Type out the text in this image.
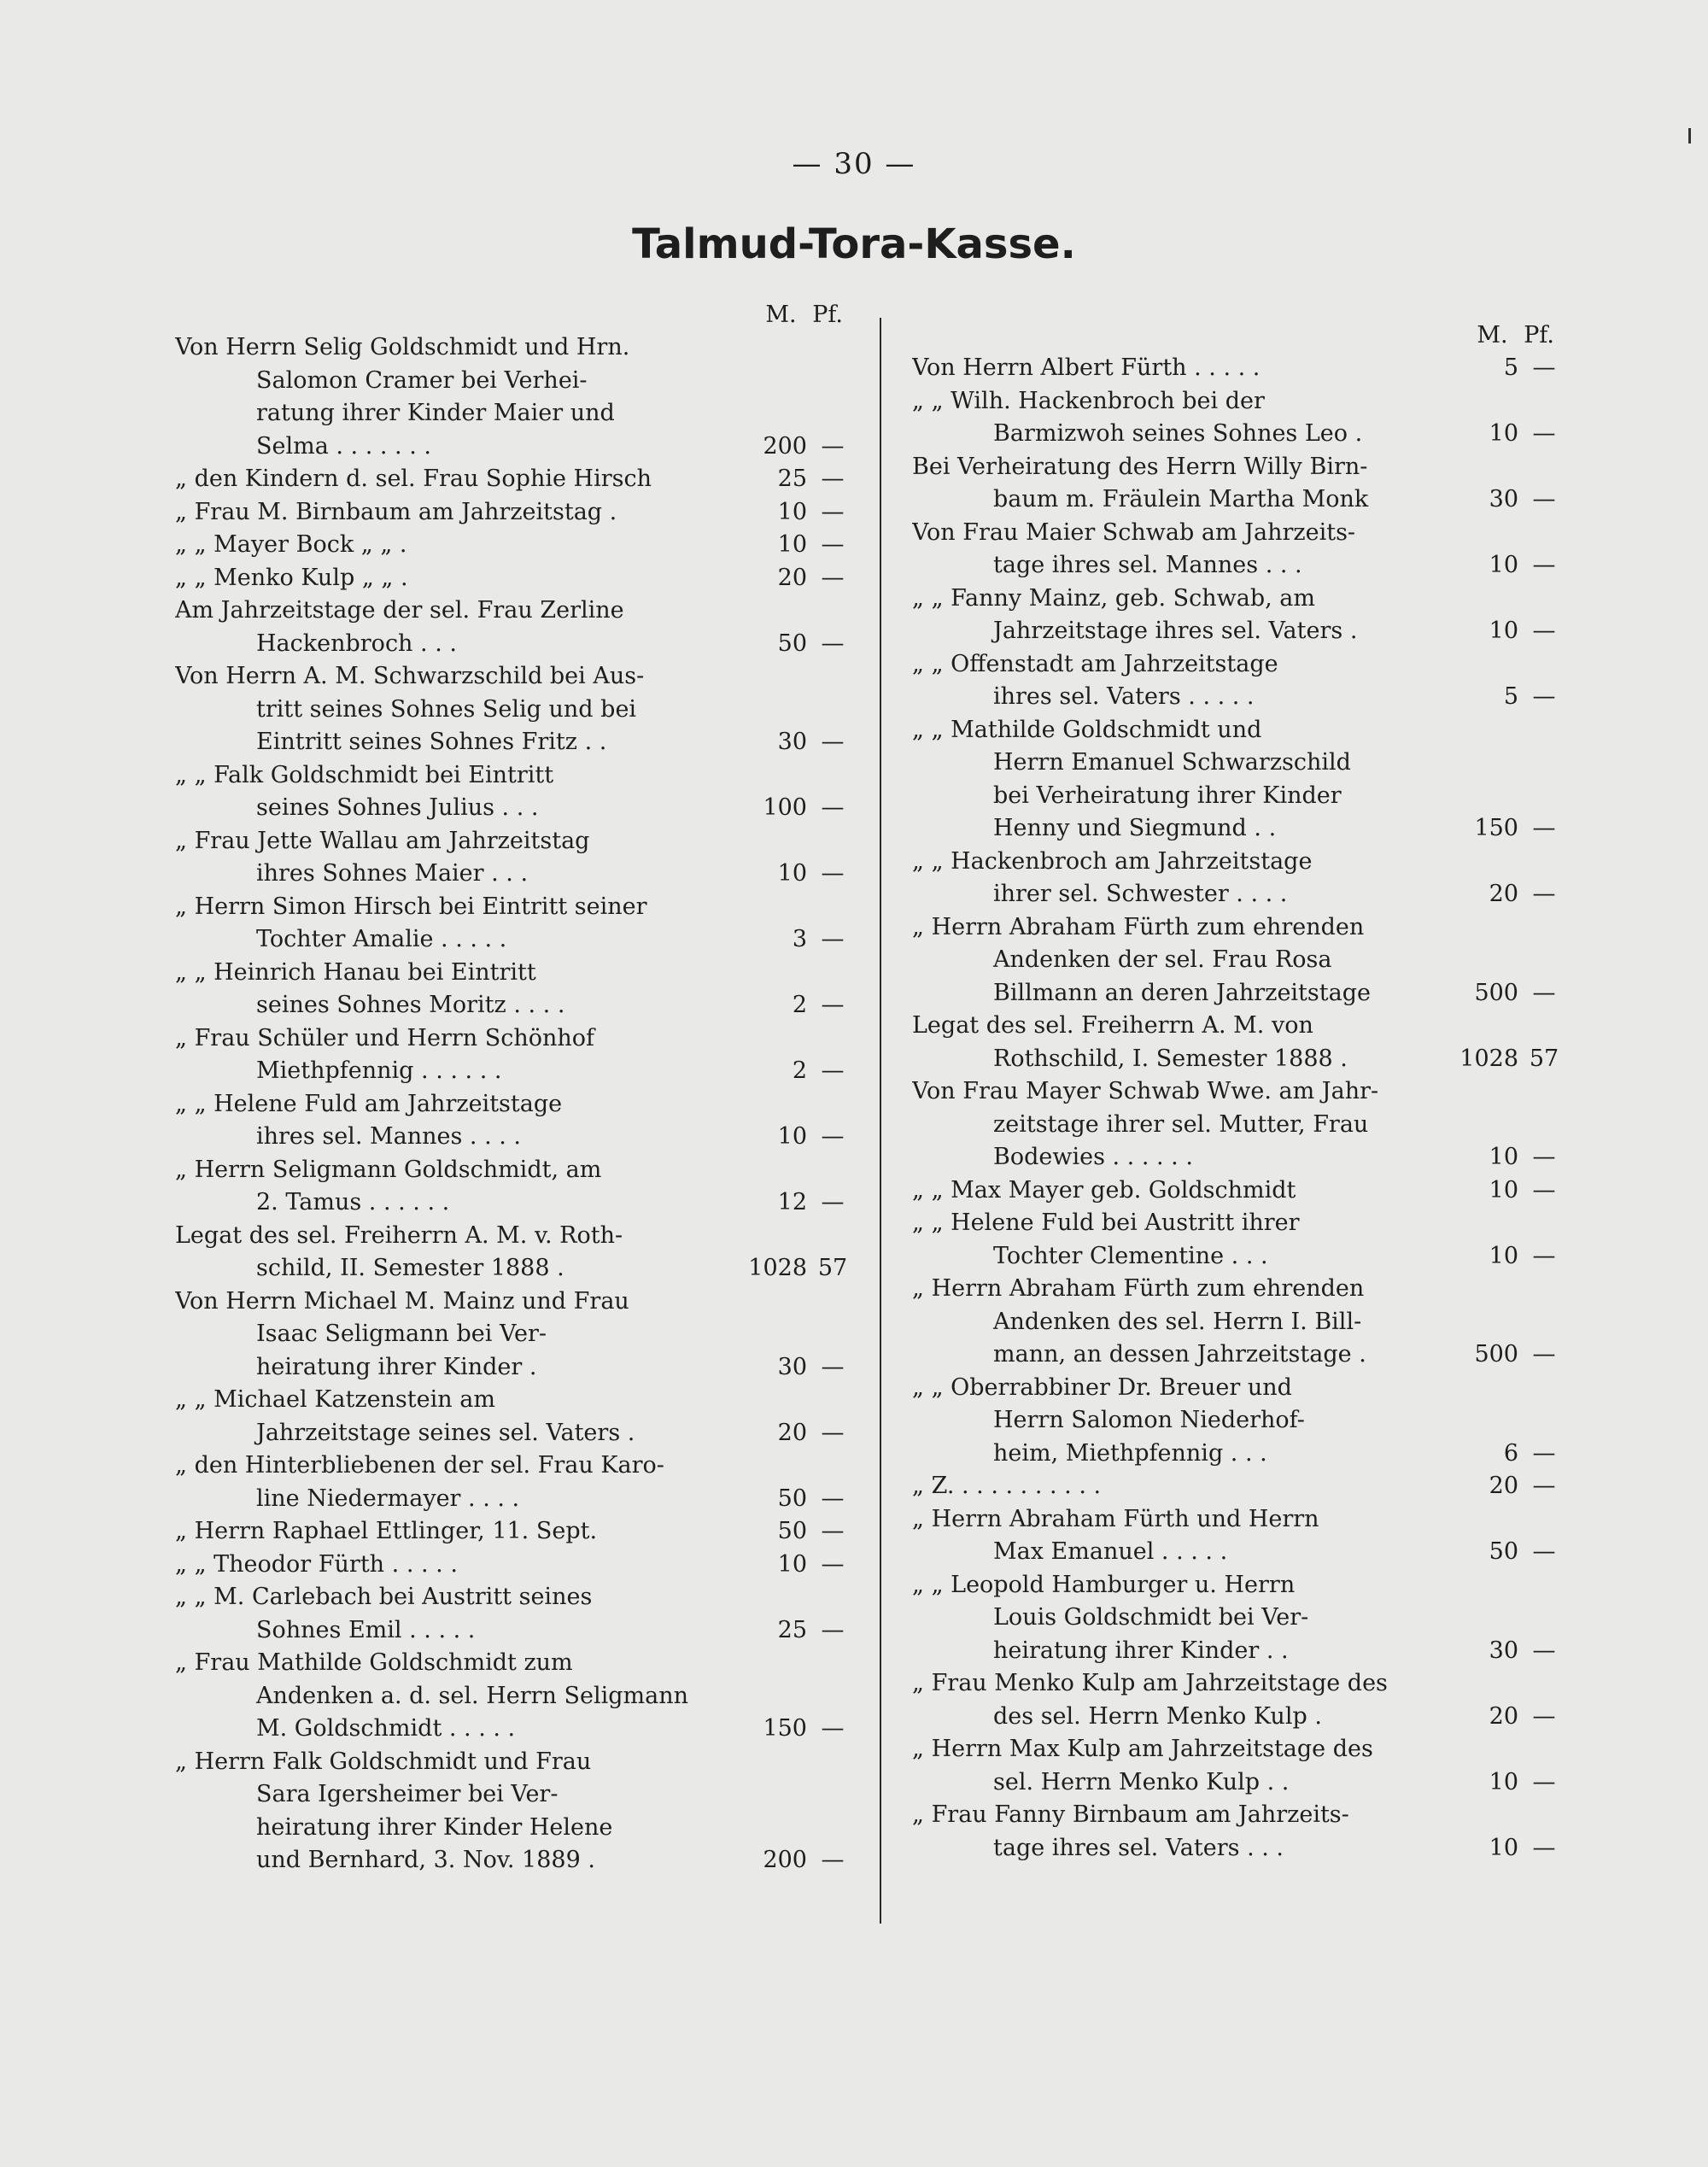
— 30 —
Talmud-Tora-Kasse.
M. Pf.
Von Herrn Selig Goldschmidt und Hrn.
Salomon Cramer bei Verhei-
ratung ihrer Kinder Maier und
Selma . . . . . . .	200 —
„ den Kindern d. sel. Frau Sophie Hirsch	25 —
„ Frau M. Birnbaum am Jahrzeitstag .	10 —
„ „ Mayer Bock „ „ .	10 —
„ „ Menko Kulp „ „ .	20 —
Am Jahrzeitstage der sel. Frau Zerline
Hackenbroch . . .	50 —
Von Herrn A. M. Schwarzschild bei Aus-
tritt seines Sohnes Selig und bei
Eintritt seines Sohnes Fritz . .	30 —
„ „ Falk Goldschmidt bei Eintritt
seines Sohnes Julius . . .	100 —
„ Frau Jette Wallau am Jahrzeitstag
ihres Sohnes Maier . . .	10 —
„ Herrn Simon Hirsch bei Eintritt seiner
Tochter Amalie . . . . .	3 —
„ „ Heinrich Hanau bei Eintritt
seines Sohnes Moritz . . . .	2 —
„ Frau Schüler und Herrn Schönhof
Miethpfennig . . . . . .	2 —
„ „ Helene Fuld am Jahrzeitstage
ihres sel. Mannes . . . .	10 —
„ Herrn Seligmann Goldschmidt, am
2. Tamus . . . . . .	12 —
Legat des sel. Freiherrn A. M. v. Roth-
schild, II. Semester 1888 .	1028 57
Von Herrn Michael M. Mainz und Frau
Isaac Seligmann bei Ver-
heiratung ihrer Kinder .	30 —
„ „ Michael Katzenstein am
Jahrzeitstage seines sel. Vaters .	20 —
„ den Hinterbliebenen der sel. Frau Karo-
line Niedermayer . . . .	50 —
„ Herrn Raphael Ettlinger, 11. Sept.	50 —
„ „ Theodor Fürth . . . . .	10 —
„ „ M. Carlebach bei Austritt seines
Sohnes Emil . . . . .	25 —
„ Frau Mathilde Goldschmidt zum
Andenken a. d. sel. Herrn Seligmann
M. Goldschmidt . . . . .	150 —
„ Herrn Falk Goldschmidt und Frau
Sara Igersheimer bei Ver-
heiratung ihrer Kinder Helene
und Bernhard, 3. Nov. 1889 .	200 —
M. Pf.
Von Herrn Albert Fürth . . . . .	5 —
„ „ Wilh. Hackenbroch bei der
Barmizwoh seines Sohnes Leo .	10 —
Bei Verheiratung des Herrn Willy Birn-
baum m. Fräulein Martha Monk	30 —
Von Frau Maier Schwab am Jahrzeits-
tage ihres sel. Mannes . . .	10 —
„ „ Fanny Mainz, geb. Schwab, am
Jahrzeitstage ihres sel. Vaters .	10 —
„ „ Offenstadt am Jahrzeitstage
ihres sel. Vaters . . . . .	5 —
„ „ Mathilde Goldschmidt und
Herrn Emanuel Schwarzschild
bei Verheiratung ihrer Kinder
Henny und Siegmund . .	150 —
„ „ Hackenbroch am Jahrzeitstage
ihrer sel. Schwester . . . .	20 —
„ Herrn Abraham Fürth zum ehrenden
Andenken der sel. Frau Rosa
Billmann an deren Jahrzeitstage	500 —
Legat des sel. Freiherrn A. M. von
Rothschild, I. Semester 1888 .	1028 57
Von Frau Mayer Schwab Wwe. am Jahr-
zeitstage ihrer sel. Mutter, Frau
Bodewies . . . . . .	10 —
„ „ Max Mayer geb. Goldschmidt	10 —
„ „ Helene Fuld bei Austritt ihrer
Tochter Clementine . . .	10 —
„ Herrn Abraham Fürth zum ehrenden
Andenken des sel. Herrn I. Bill-
mann, an dessen Jahrzeitstage .	500 —
„ „ Oberrabbiner Dr. Breuer und
Herrn Salomon Niederhof-
heim, Miethpfennig . . .	6 —
„ Z. . . . . . . . . . .	20 —
„ Herrn Abraham Fürth und Herrn
Max Emanuel . . . . .	50 —
„ „ Leopold Hamburger u. Herrn
Louis Goldschmidt bei Ver-
heiratung ihrer Kinder . .	30 —
„ Frau Menko Kulp am Jahrzeitstage des
des sel. Herrn Menko Kulp .	20 —
„ Herrn Max Kulp am Jahrzeitstage des
sel. Herrn Menko Kulp . .	10 —
„ Frau Fanny Birnbaum am Jahrzeits-
tage ihres sel. Vaters . . .	10 —
